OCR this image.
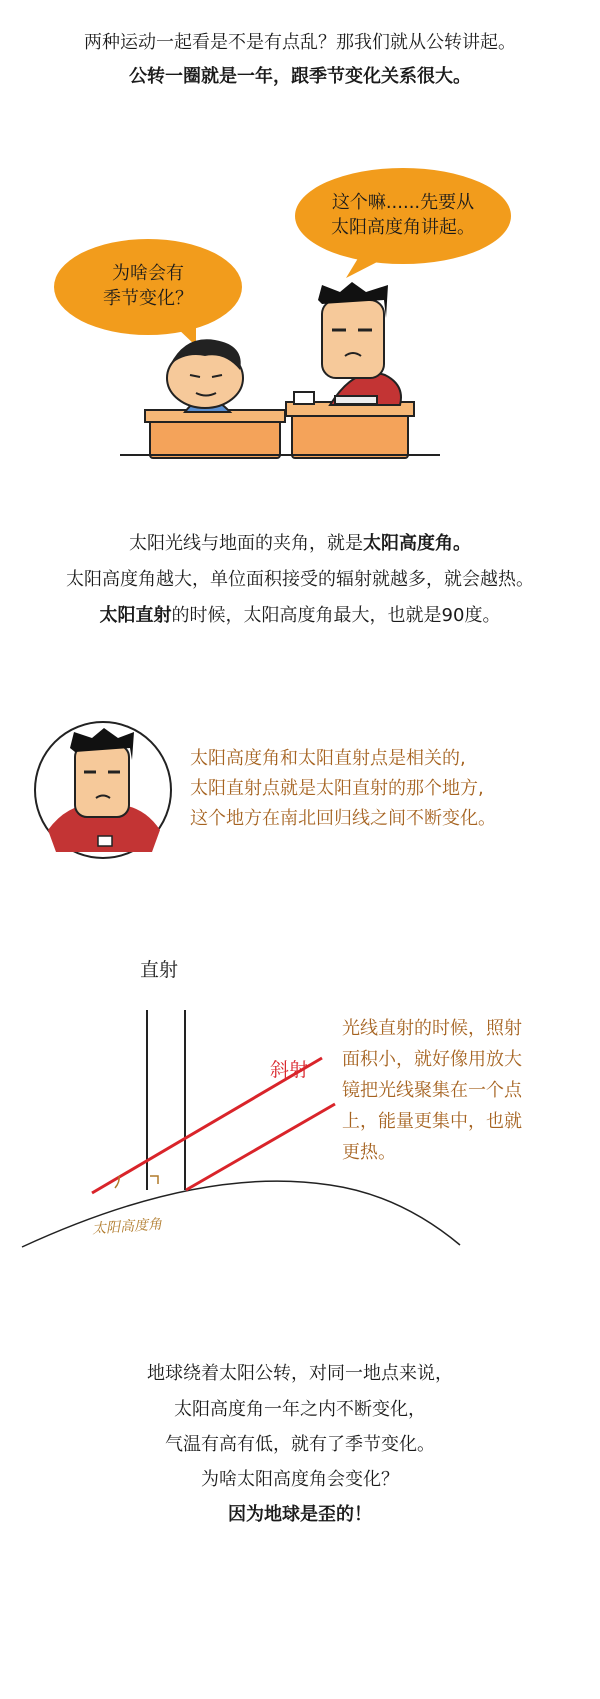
两种运动一起看是不是有点乱？那我们就从公转讲起。
公转一圈就是一年，跟季节变化关系很大。
这个嘛......先要从
太阳高度角讲起。
为啥会有
季节变化？
太阳光线与地面的夹角，就是太阳高度角。
太阳高度角越大，单位面积接受的辐射就越多，就会越热。
太阳直射的时候，太阳高度角最大，也就是90度。
太阳高度角和太阳直射点是相关的,
太阳直射点就是太阳直射的那个地方,
这个地方在南北回归线之间不断变化。
直射
斜射
太阳高度角
光线直射的时候，照射
面积小，就好像用放大
镜把光线聚集在一个点
上，能量更集中，也就
更热。
地球绕着太阳公转，对同一地点来说，
太阳高度角一年之内不断变化，
气温有高有低，就有了季节变化。
为啥太阳高度角会变化？
因为地球是歪的！
